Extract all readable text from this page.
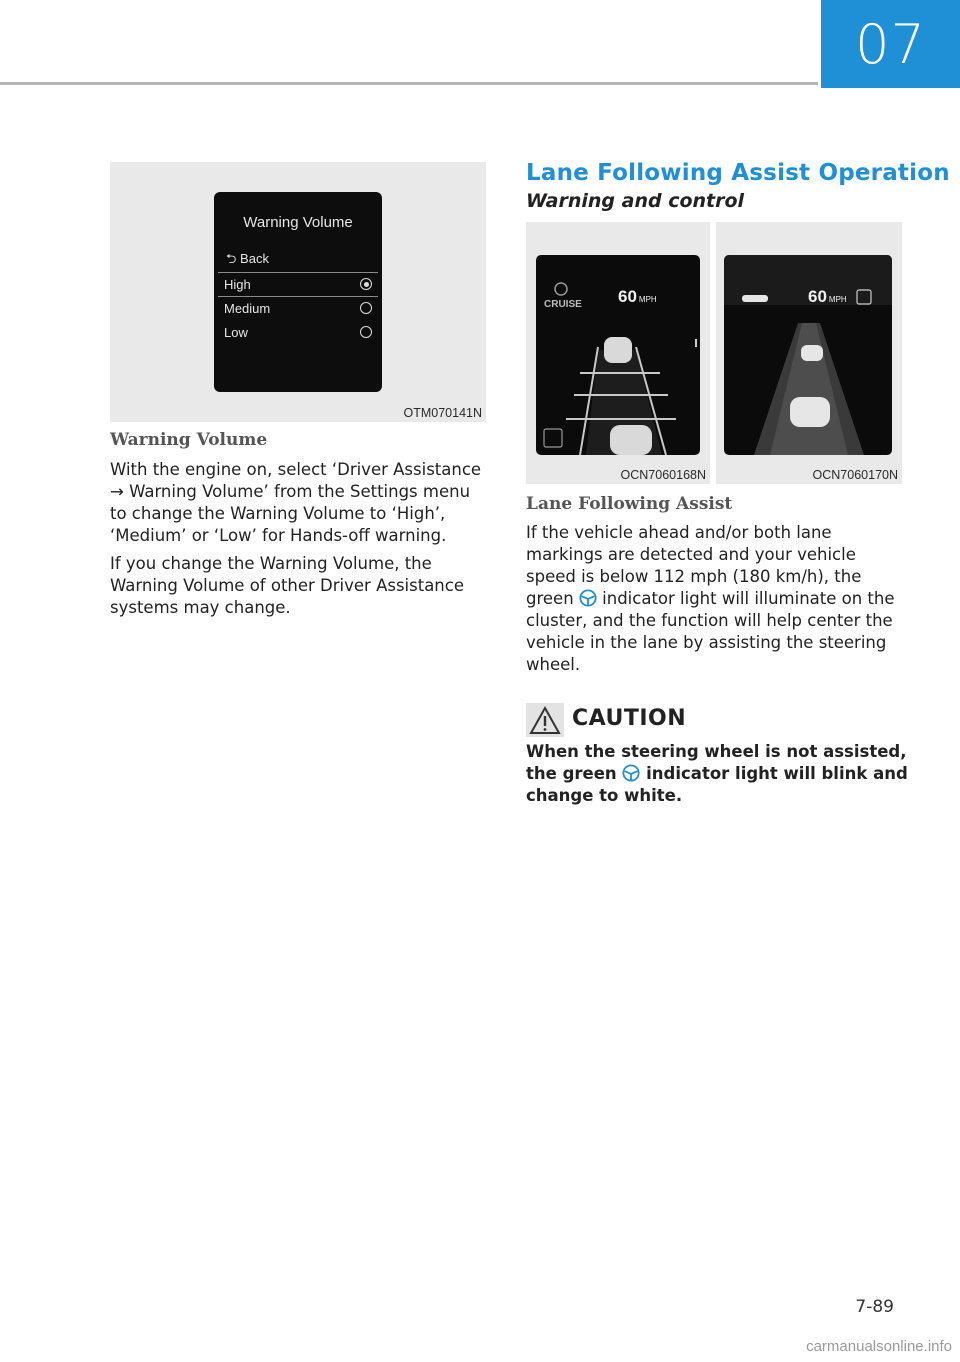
07
Warning Volume
⮌ Back
High
Medium
Low
OTM070141N
Warning Volume

With the engine on, select ‘Driver Assistance → Warning Volume’ from the Settings menu to change the Warning Volume to ‘High’, ‘Medium’ or ‘Low’ for Hands-off warning.

If you change the Warning Volume, the Warning Volume of other Driver Assistance systems may change.

Lane Following Assist Operation
Warning and control
CRUISE 60 MPH
OCN7060168N
60 MPH
OCN7060170N
Lane Following Assist
If the vehicle ahead and/or both lane markings are detected and your vehicle speed is below 112 mph (180 km/h), the green indicator light will illuminate on the cluster, and the function will help center the vehicle in the lane by assisting the steering wheel.
CAUTION
When the steering wheel is not assisted, the green indicator light will blink and change to white.
7-89
carmanualsonline.info
